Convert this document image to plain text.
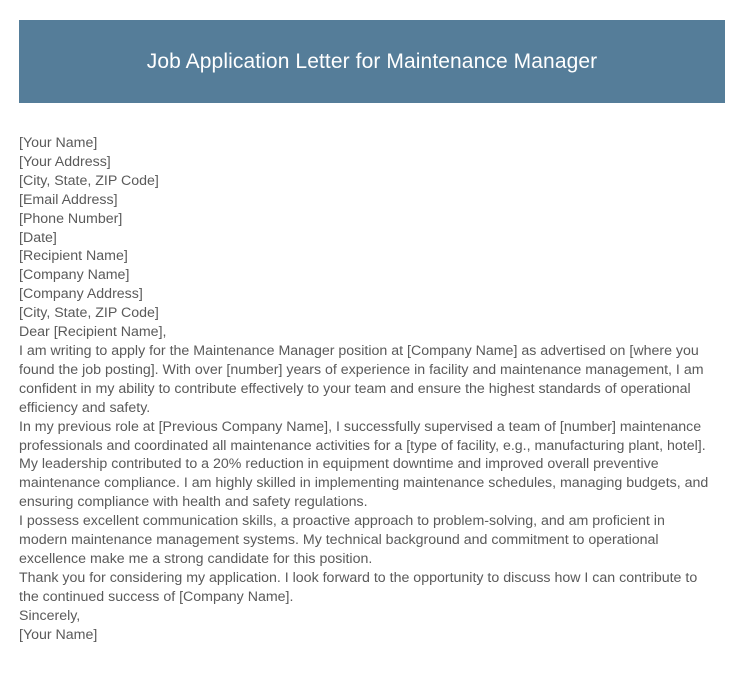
Job Application Letter for Maintenance Manager
[Your Name]
[Your Address]
[City, State, ZIP Code]
[Email Address]
[Phone Number]
[Date]
[Recipient Name]
[Company Name]
[Company Address]
[City, State, ZIP Code]
Dear [Recipient Name],

I am writing to apply for the Maintenance Manager position at [Company Name] as advertised on [where you found the job posting]. With over [number] years of experience in facility and maintenance management, I am confident in my ability to contribute effectively to your team and ensure the highest standards of operational efficiency and safety.

In my previous role at [Previous Company Name], I successfully supervised a team of [number] maintenance professionals and coordinated all maintenance activities for a [type of facility, e.g., manufacturing plant, hotel]. My leadership contributed to a 20% reduction in equipment downtime and improved overall preventive maintenance compliance. I am highly skilled in implementing maintenance schedules, managing budgets, and ensuring compliance with health and safety regulations.

I possess excellent communication skills, a proactive approach to problem-solving, and am proficient in modern maintenance management systems. My technical background and commitment to operational excellence make me a strong candidate for this position.

Thank you for considering my application. I look forward to the opportunity to discuss how I can contribute to the continued success of [Company Name].

Sincerely,
[Your Name]
